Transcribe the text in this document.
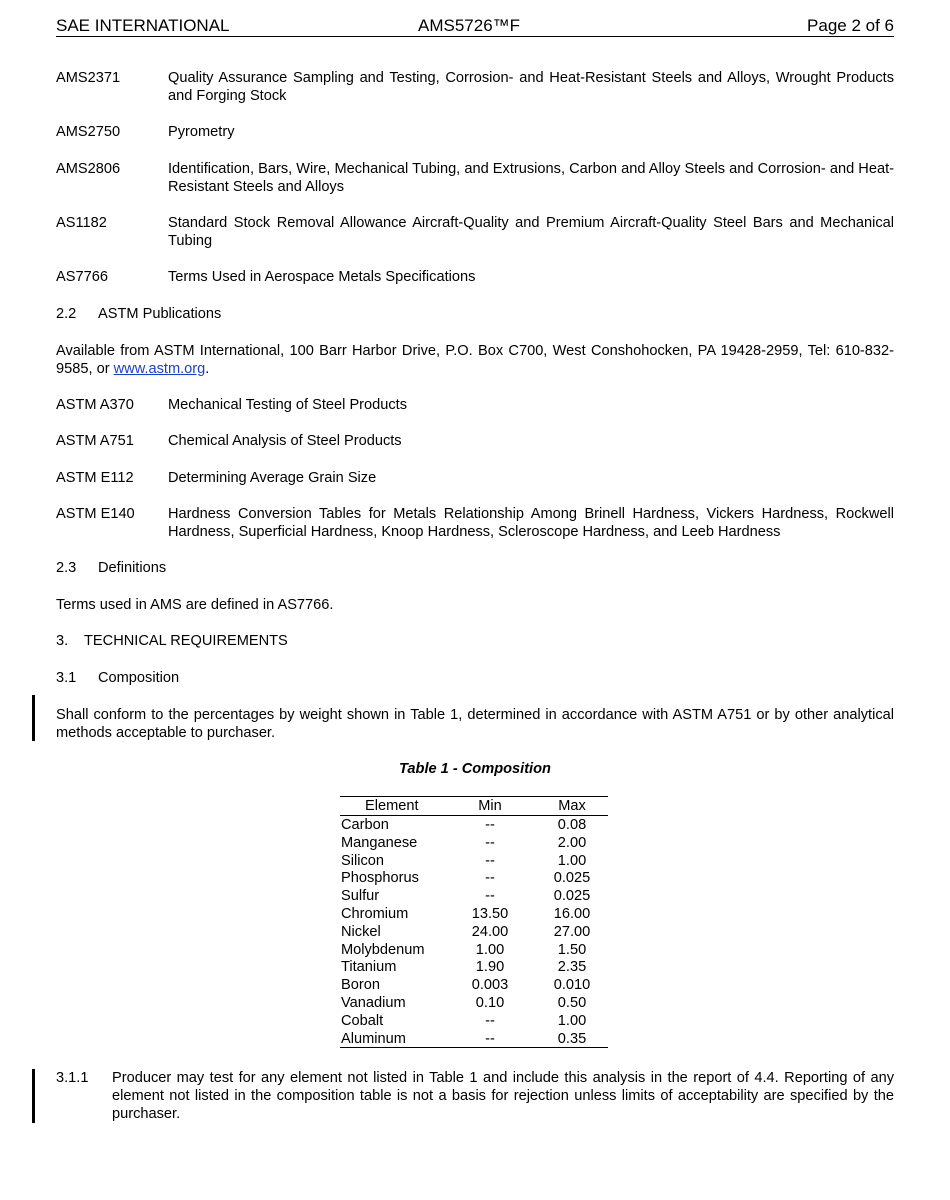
SAE INTERNATIONAL	AMS5726™F	Page 2 of 6
AMS2371	Quality Assurance Sampling and Testing, Corrosion- and Heat-Resistant Steels and Alloys, Wrought Products and Forging Stock
AMS2750	Pyrometry
AMS2806	Identification, Bars, Wire, Mechanical Tubing, and Extrusions, Carbon and Alloy Steels and Corrosion- and Heat-Resistant Steels and Alloys
AS1182	Standard Stock Removal Allowance Aircraft-Quality and Premium Aircraft-Quality Steel Bars and Mechanical Tubing
AS7766	Terms Used in Aerospace Metals Specifications
2.2 ASTM Publications
Available from ASTM International, 100 Barr Harbor Drive, P.O. Box C700, West Conshohocken, PA 19428-2959, Tel: 610-832-9585, or www.astm.org.
ASTM A370 Mechanical Testing of Steel Products
ASTM A751 Chemical Analysis of Steel Products
ASTM E112 Determining Average Grain Size
ASTM E140 Hardness Conversion Tables for Metals Relationship Among Brinell Hardness, Vickers Hardness, Rockwell Hardness, Superficial Hardness, Knoop Hardness, Scleroscope Hardness, and Leeb Hardness
2.3 Definitions
Terms used in AMS are defined in AS7766.
3. TECHNICAL REQUIREMENTS
3.1 Composition
Shall conform to the percentages by weight shown in Table 1, determined in accordance with ASTM A751 or by other analytical methods acceptable to purchaser.
Table 1 - Composition
Element	Min	Max
Carbon	--	0.08
Manganese	--	2.00
Silicon	--	1.00
Phosphorus	--	0.025
Sulfur	--	0.025
Chromium	13.50	16.00
Nickel	24.00	27.00
Molybdenum	1.00	1.50
Titanium	1.90	2.35
Boron	0.003	0.010
Vanadium	0.10	0.50
Cobalt	--	1.00
Aluminum	--	0.35
3.1.1 Producer may test for any element not listed in Table 1 and include this analysis in the report of 4.4. Reporting of any element not listed in the composition table is not a basis for rejection unless limits of acceptability are specified by the purchaser.
